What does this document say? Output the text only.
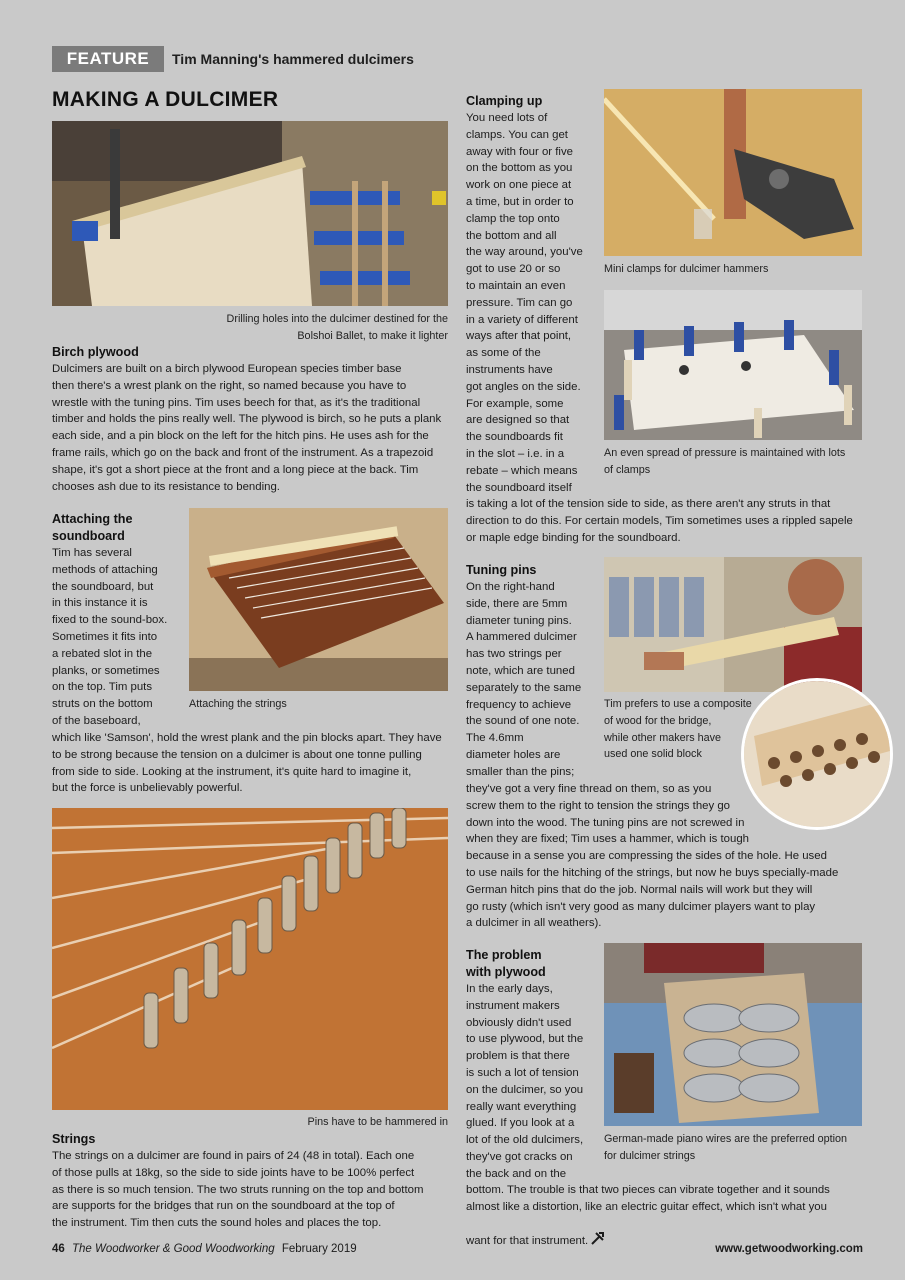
FEATURE	Tim Manning's hammered dulcimers
MAKING A DULCIMER

Drilling holes into the dulcimer destined for the
Bolshoi Ballet, to make it lighter

Birch plywood

Dulcimers are built on a birch plywood European species timber base
then there's a wrest plank on the right, so named because you have to
wrestle with the tuning pins. Tim uses beech for that, as it's the traditional
timber and holds the pins really well. The plywood is birch, so he puts a plank
each side, and a pin block on the left for the hitch pins. He uses ash for the
frame rails, which go on the back and front of the instrument. As a trapezoid
shape, it's got a short piece at the front and a long piece at the back. Tim
chooses ash due to its resistance to bending.

Attaching the
soundboard

Tim has several
methods of attaching
the soundboard, but
in this instance it is
fixed to the sound-box.
Sometimes it fits into
a rebated slot in the
planks, or sometimes
on the top. Tim puts
struts on the bottom
of the baseboard,

Attaching the strings

which like 'Samson', hold the wrest plank and the pin blocks apart. They have
to be strong because the tension on a dulcimer is about one tonne pulling
from side to side. Looking at the instrument, it's quite hard to imagine it,
but the force is unbelievably powerful.

Pins have to be hammered in

Strings

The strings on a dulcimer are found in pairs of 24 (48 in total). Each one
of those pulls at 18kg, so the side to side joints have to be 100% perfect
as there is so much tension. The two struts running on the top and bottom
are supports for the bridges that run on the soundboard at the top of
the instrument. Tim then cuts the sound holes and places the top.

Clamping up

You need lots of
clamps. You can get
away with four or five
on the bottom as you
work on one piece at
a time, but in order to
clamp the top onto
the bottom and all
the way around, you've
got to use 20 or so
to maintain an even
pressure. Tim can go
in a variety of different
ways after that point,
as some of the
instruments have
got angles on the side.
For example, some
are designed so that
the soundboards fit
in the slot – i.e. in a
rebate – which means
the soundboard itself

Mini clamps for dulcimer hammers

An even spread of pressure is maintained with lots
of clamps

is taking a lot of the tension side to side, as there aren't any struts in that
direction to do this. For certain models, Tim sometimes uses a rippled sapele
or maple edge binding for the soundboard.

Tuning pins

On the right-hand
side, there are 5mm
diameter tuning pins.
A hammered dulcimer
has two strings per
note, which are tuned
separately to the same
frequency to achieve
the sound of one note.
The 4.6mm
diameter holes are
smaller than the pins;

Tim prefers to use a composite
of wood for the bridge,
while other makers have
used one solid block

they've got a very fine thread on them, so as you
screw them to the right to tension the strings they go
down into the wood. The tuning pins are not screwed in
when they are fixed; Tim uses a hammer, which is tough
because in a sense you are compressing the sides of the hole. He used
to use nails for the hitching of the strings, but now he buys specially-made
German hitch pins that do the job. Normal nails will work but they will
go rusty (which isn't very good as many dulcimer players want to play
a dulcimer in all weathers).

The problem
with plywood

In the early days,
instrument makers
obviously didn't used
to use plywood, but the
problem is that there
is such a lot of tension
on the dulcimer, so you
really want everything
glued. If you look at a
lot of the old dulcimers,
they've got cracks on
the back and on the

German-made piano wires are the preferred option
for dulcimer strings

bottom. The trouble is that two pieces can vibrate together and it sounds
almost like a distortion, like an electric guitar effect, which isn't what you
want for that instrument.

46 The Woodworker & Good Woodworking February 2019	www.getwoodworking.com
